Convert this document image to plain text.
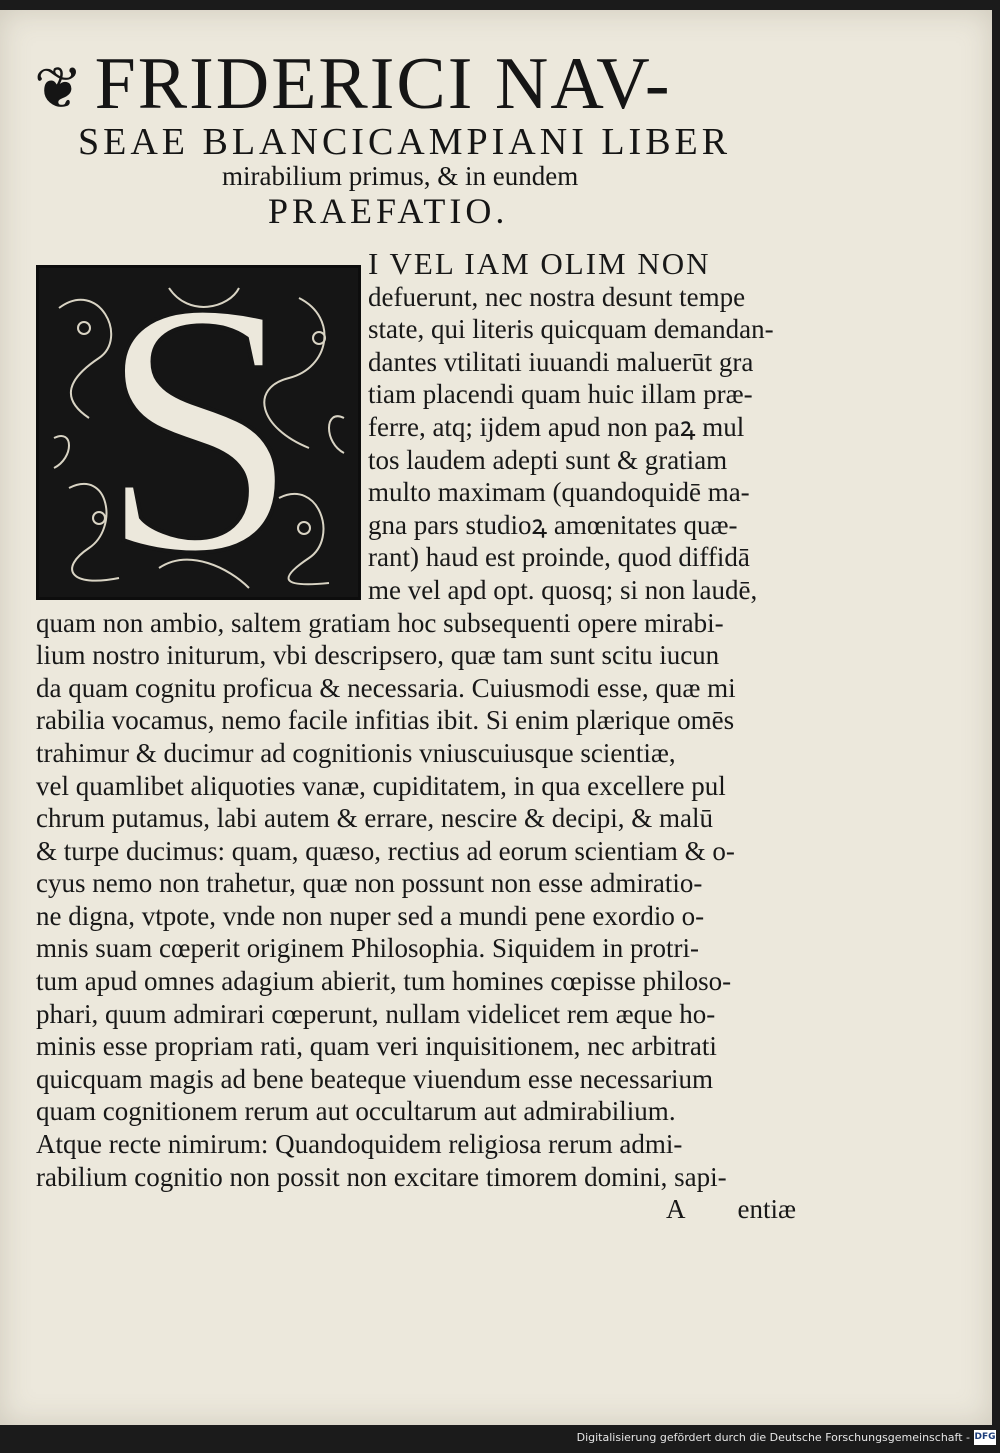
❦ FRIDERICI NAV-
SEAE BLANCICAMPIANI LIBER
mirabilium primus, & in eundem
PRAEFATIO.
S	I VEL IAM OLIM NON
defuerunt, nec nostra desunt tempe
state, qui literis quicquam demandan-
dantes vtilitati iuuandi maluerūt gra
tiam placendi quam huic illam præ-
ferre, atq; ijdem apud non paꝝ mul
tos laudem adepti sunt & gratiam
multo maximam (quandoquidē ma-
gna pars studioꝝ amœnitates quæ-
rant) haud est proinde, quod diffidā
me vel apd opt. quosq; si non laudē,
quam non ambio, saltem gratiam hoc subsequenti opere mirabi-
lium nostro initurum, vbi descripsero, quæ tam sunt scitu iucun
da quam cognitu proficua & necessaria. Cuiusmodi esse, quæ mi
rabilia vocamus, nemo facile infitias ibit. Si enim plærique omēs
trahimur & ducimur ad cognitionis vniuscuiusque scientiæ,
vel quamlibet aliquoties vanæ, cupiditatem, in qua excellere pul
chrum putamus, labi autem & errare, nescire & decipi, & malū
& turpe ducimus: quam, quæso, rectius ad eorum scientiam & o-
cyus nemo non trahetur, quæ non possunt non esse admiratio-
ne digna, vtpote, vnde non nuper sed a mundi pene exordio o-
mnis suam cœperit originem Philosophia. Siquidem in protri-
tum apud omnes adagium abierit, tum homines cœpisse philoso-
phari, quum admirari cœperunt, nullam videlicet rem æque ho-
minis esse propriam rati, quam veri inquisitionem, nec arbitrati
quicquam magis ad bene beateque viuendum esse necessarium
quam cognitionem rerum aut occultarum aut admirabilium.
Atque recte nimirum: Quandoquidem religiosa rerum admi-
rabilium cognitio non possit non excitare timorem domini, sapi-
A entiæ
Digitalisierung gefördert durch die Deutsche Forschungsgemeinschaft - DFG
